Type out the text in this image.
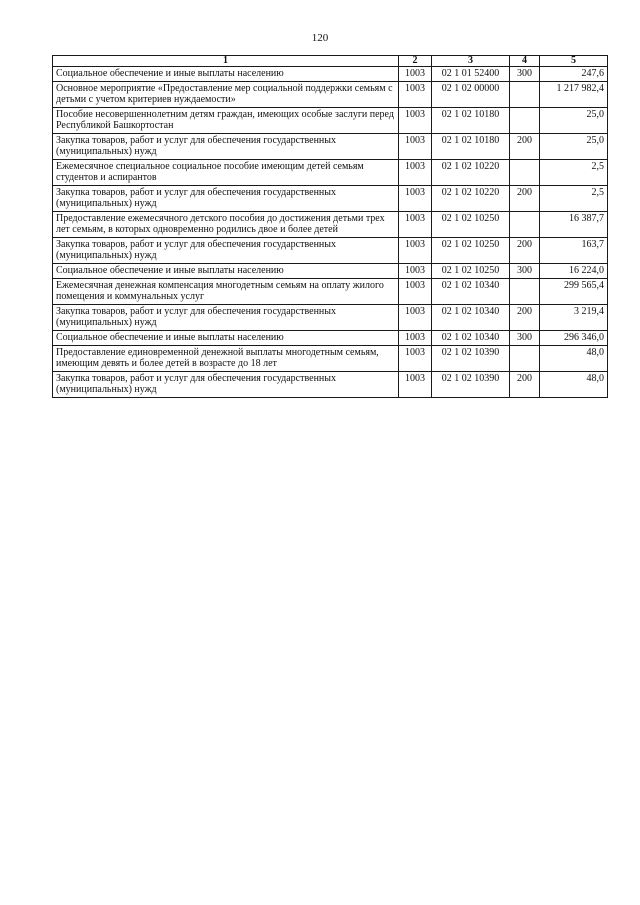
120
1	2	3	4	5
Социальное обеспечение и иные выплаты населению	1003	02 1 01 52400	300	247,6
Основное мероприятие «Предоставление мер социальной поддержки семьям с детьми с учетом критериев нуждаемости»	1003	02 1 02 00000		1 217 982,4
Пособие несовершеннолетним детям граждан, имеющих особые заслуги перед Республикой Башкортостан	1003	02 1 02 10180		25,0
Закупка товаров, работ и услуг для обеспечения государственных (муниципальных) нужд	1003	02 1 02 10180	200	25,0
Ежемесячное специальное социальное пособие имеющим детей семьям студентов и аспирантов	1003	02 1 02 10220		2,5
Закупка товаров, работ и услуг для обеспечения государственных (муниципальных) нужд	1003	02 1 02 10220	200	2,5
Предоставление ежемесячного детского пособия до достижения детьми трех лет семьям, в которых одновременно родились двое и более детей	1003	02 1 02 10250		16 387,7
Закупка товаров, работ и услуг для обеспечения государственных (муниципальных) нужд	1003	02 1 02 10250	200	163,7
Социальное обеспечение и иные выплаты населению	1003	02 1 02 10250	300	16 224,0
Ежемесячная денежная компенсация многодетным семьям на оплату жилого помещения и коммунальных услуг	1003	02 1 02 10340		299 565,4
Закупка товаров, работ и услуг для обеспечения государственных (муниципальных) нужд	1003	02 1 02 10340	200	3 219,4
Социальное обеспечение и иные выплаты населению	1003	02 1 02 10340	300	296 346,0
Предоставление единовременной денежной выплаты многодетным семьям, имеющим девять и более детей в возрасте до 18 лет	1003	02 1 02 10390		48,0
Закупка товаров, работ и услуг для обеспечения государственных (муниципальных) нужд	1003	02 1 02 10390	200	48,0
